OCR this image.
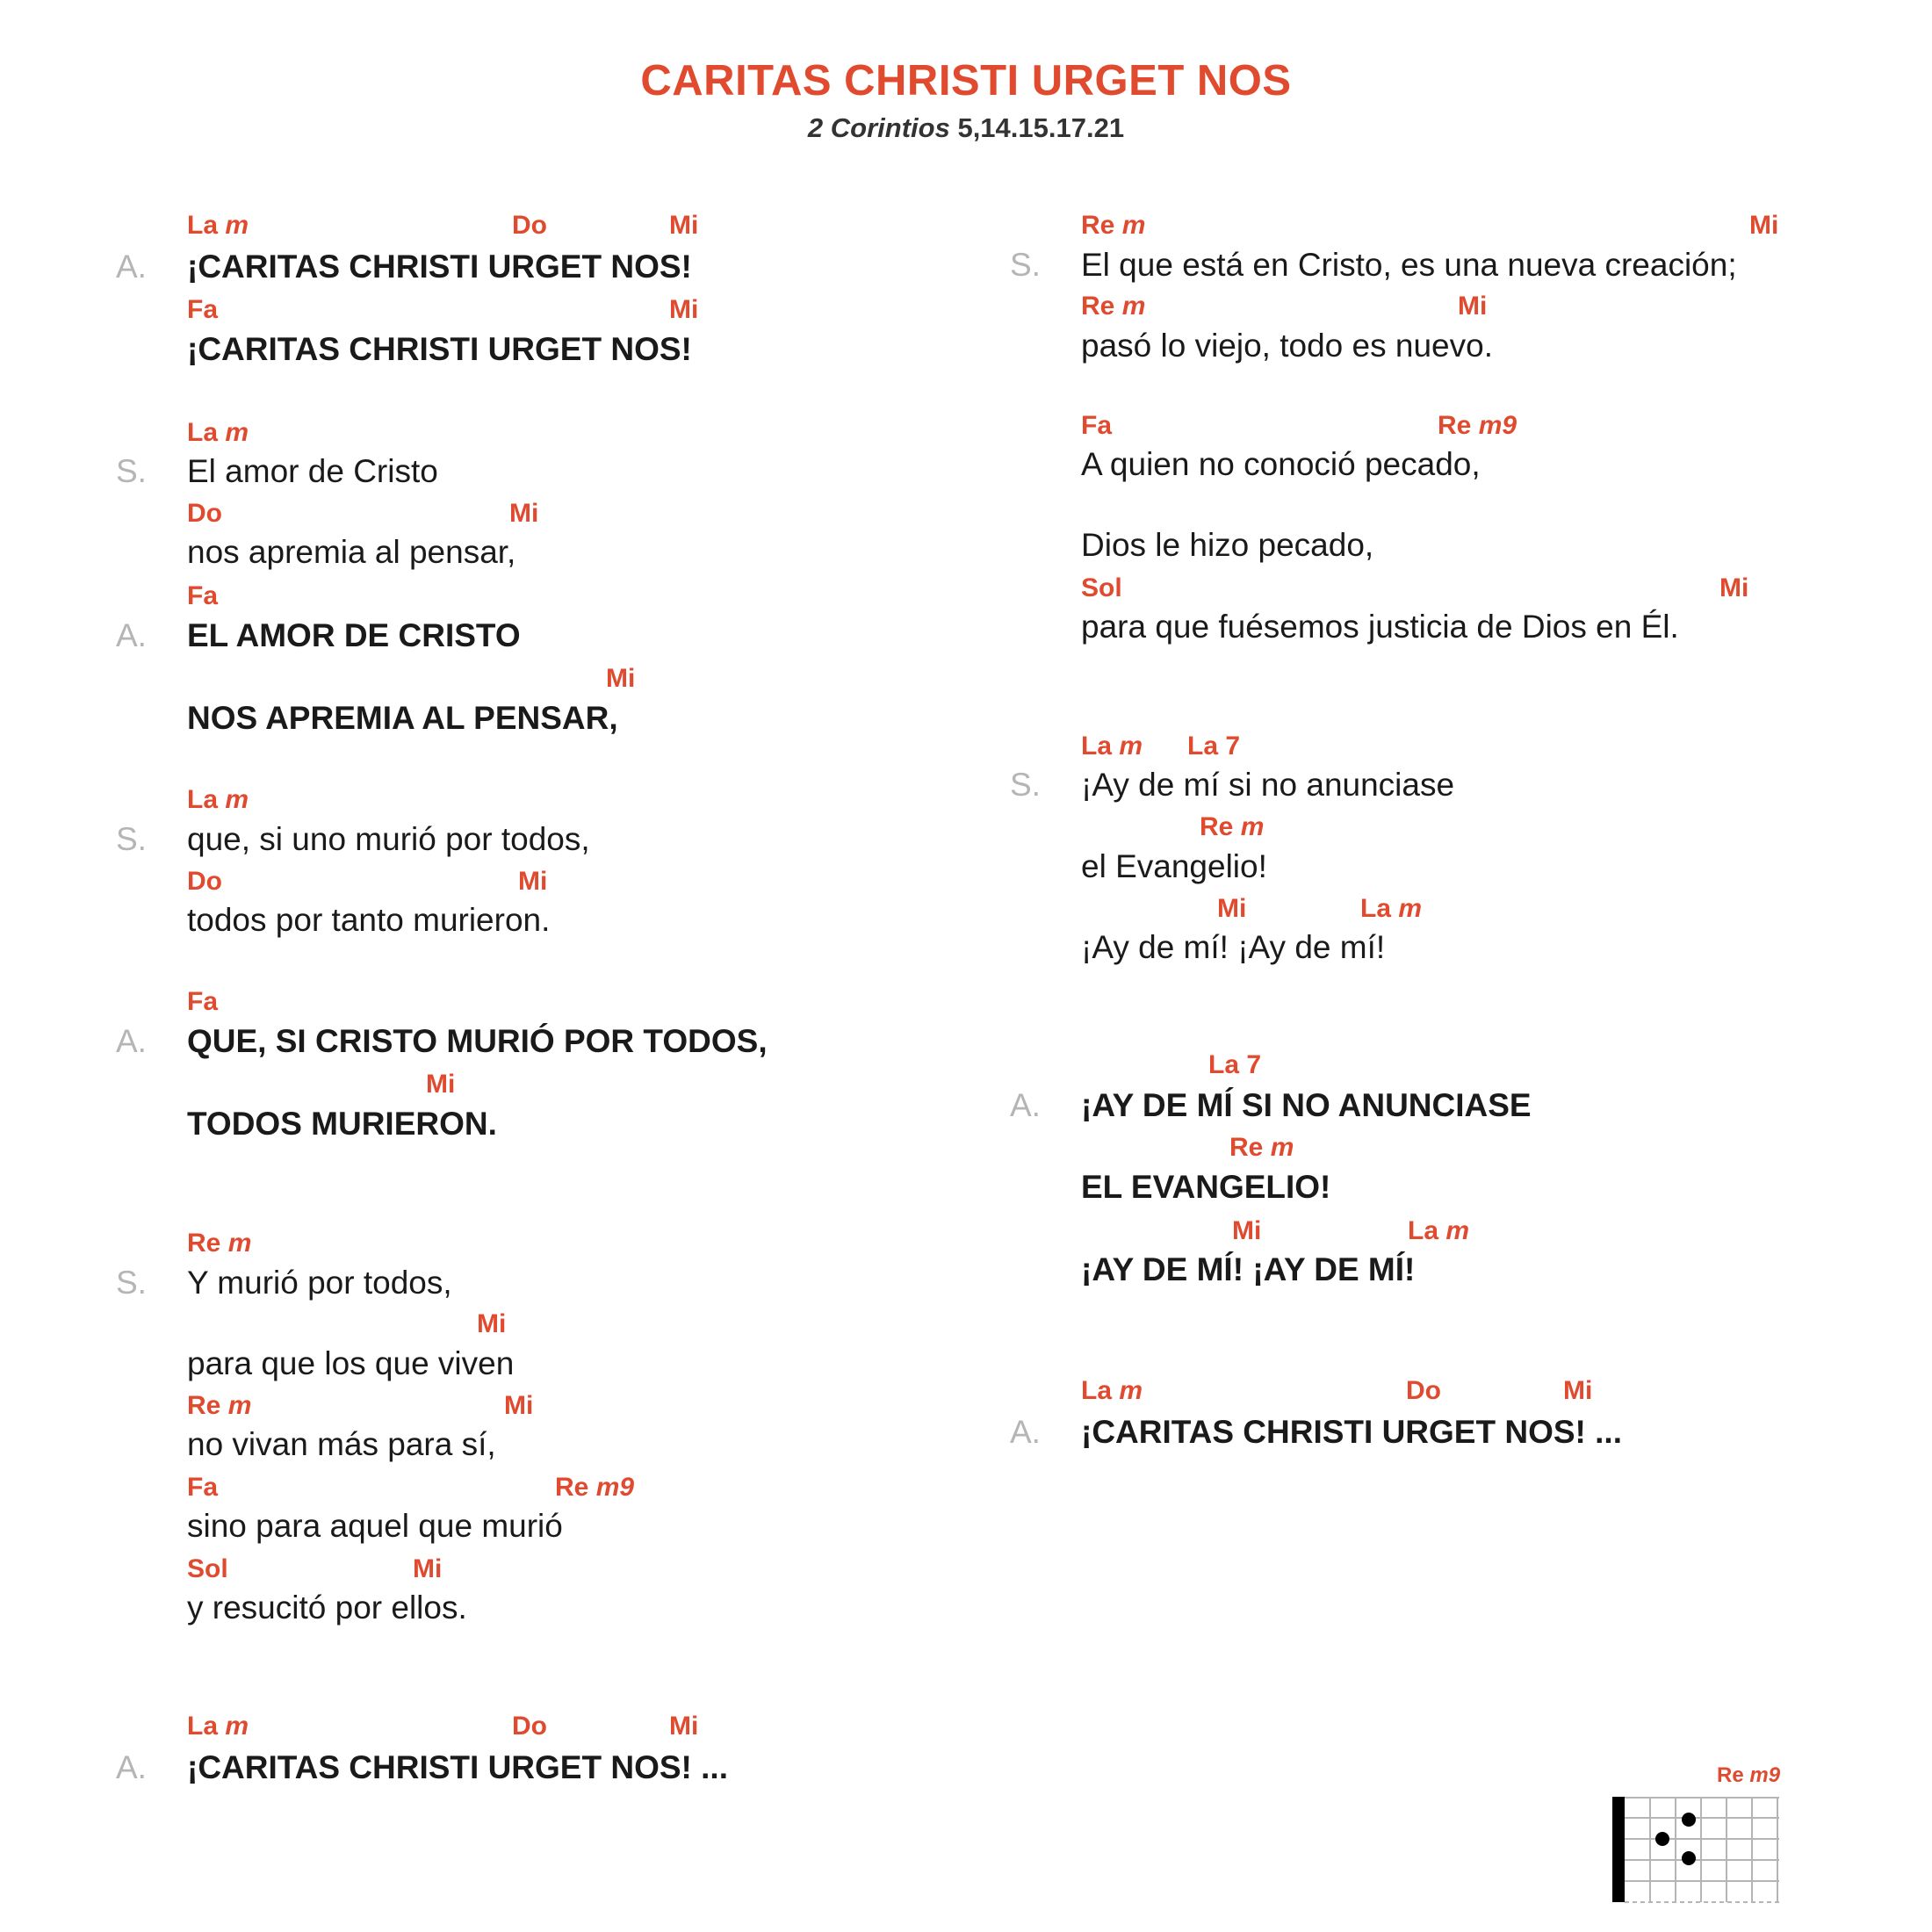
CARITAS CHRISTI URGET NOS
2 Corintios 5,14.15.17.21
La m	Do	Mi
A. ¡CARITAS CHRISTI URGET NOS!
Fa	Mi
¡CARITAS CHRISTI URGET NOS!
La m
S. El amor de Cristo
Do	Mi
nos apremia al pensar,
Fa
A. EL AMOR DE CRISTO
Mi
NOS APREMIA AL PENSAR,
La m
S. que, si uno murió por todos,
Do	Mi
todos por tanto murieron.
Fa
A. QUE, SI CRISTO MURIÓ POR TODOS,
Mi
TODOS MURIERON.
Re m
S. Y murió por todos,
Mi
para que los que viven
Re m	Mi
no vivan más para sí,
Fa	Re m9
sino para aquel que murió
Sol	Mi
y resucitó por ellos.
La m	Do	Mi
A. ¡CARITAS CHRISTI URGET NOS! ...
Re m	Mi
S. El que está en Cristo, es una nueva creación;
Re m	Mi
pasó lo viejo, todo es nuevo.
Fa	Re m9
A quien no conoció pecado,
Dios le hizo pecado,
Sol	Mi
para que fuésemos justicia de Dios en Él.
La m La 7
S. ¡Ay de mí si no anunciase
Re m
el Evangelio!
Mi	La m
¡Ay de mí! ¡Ay de mí!
La 7
A. ¡AY DE MÍ SI NO ANUNCIASE
Re m
EL EVANGELIO!
Mi	La m
¡AY DE MÍ! ¡AY DE MÍ!
La m	Do	Mi
A. ¡CARITAS CHRISTI URGET NOS! ...
Re m9
